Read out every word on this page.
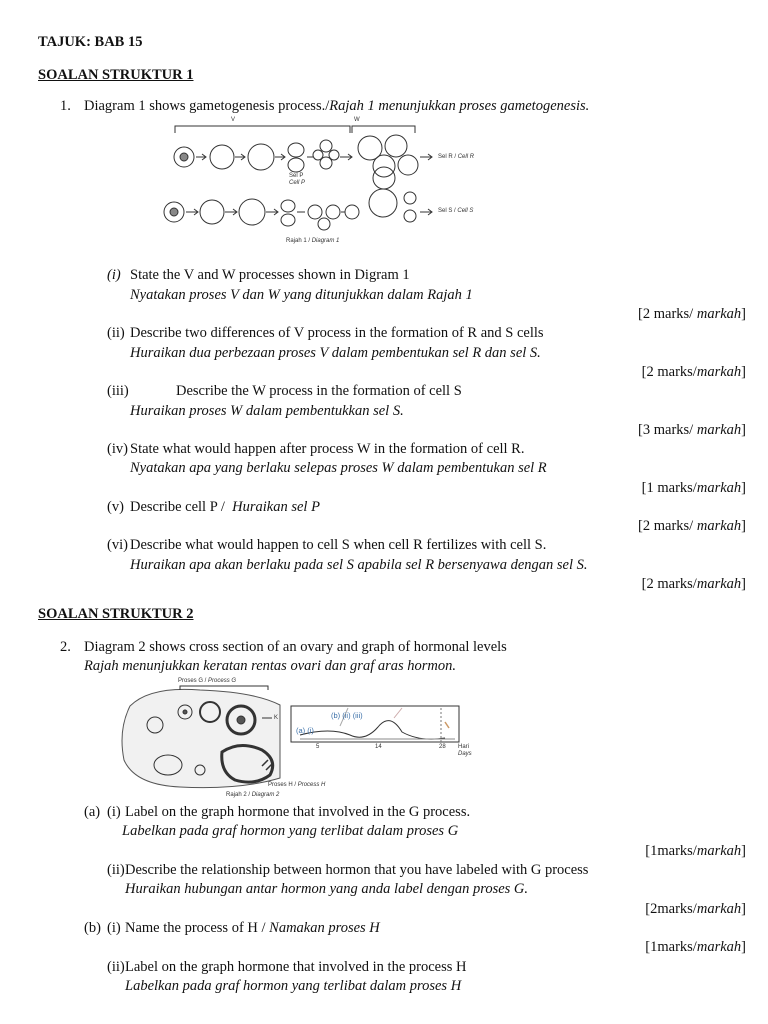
TAJUK: BAB 15
SOALAN STRUKTUR 1
1. Diagram 1 shows gametogenesis process./Rajah 1 menunjukkan proses gametogenesis.
V	W
Sel R / Cell R
Sel P
Cell P
Sel S / Cell S
Rajah 1 / Diagram 1
(i) State the V and W processes shown in Digram 1
Nyatakan proses V dan W yang ditunjukkan dalam Rajah 1
[2 marks/ markah]
(ii) Describe two differences of V process in the formation of R and S cells
Huraikan dua perbezaan proses V dalam pembentukan sel R dan sel S.
[2 marks/markah]
(iii)	Describe the W process in the formation of cell S
Huraikan proses W dalam pembentukkan sel S.
[3 marks/ markah]
(iv) State what would happen after process W in the formation of cell R.
Nyatakan apa yang berlaku selepas proses W dalam pembentukan sel R
[1 marks/markah]
(v) Describe cell P / Huraikan sel P
[2 marks/ markah]
(vi) Describe what would happen to cell S when cell R fertilizes with cell S.
Huraikan apa akan berlaku pada sel S apabila sel R bersenyawa dengan sel S.
[2 marks/markah]
SOALAN STRUKTUR 2
2. Diagram 2 shows cross section of an ovary and graph of hormonal levels
Rajah menunjukkan keratan rentas ovari dan graf aras hormon.
Proses G / Process G
K
Proses H / Process H
Rajah 2 / Diagram 2
(a) (i)
(b) (ii) (iii)
5	14	28 Hari
Days
(a) (i) Label on the graph hormone that involved in the G process.
Labelkan pada graf hormon yang terlibat dalam proses G
[1marks/markah]
(ii) Describe the relationship between hormon that you have labeled with G process
Huraikan hubungan antar hormon yang anda label dengan proses G.
[2marks/markah]
(b) (i) Name the process of H / Namakan proses H
[1marks/markah]
(ii) Label on the graph hormone that involved in the process H
Labelkan pada graf hormon yang terlibat dalam proses H
